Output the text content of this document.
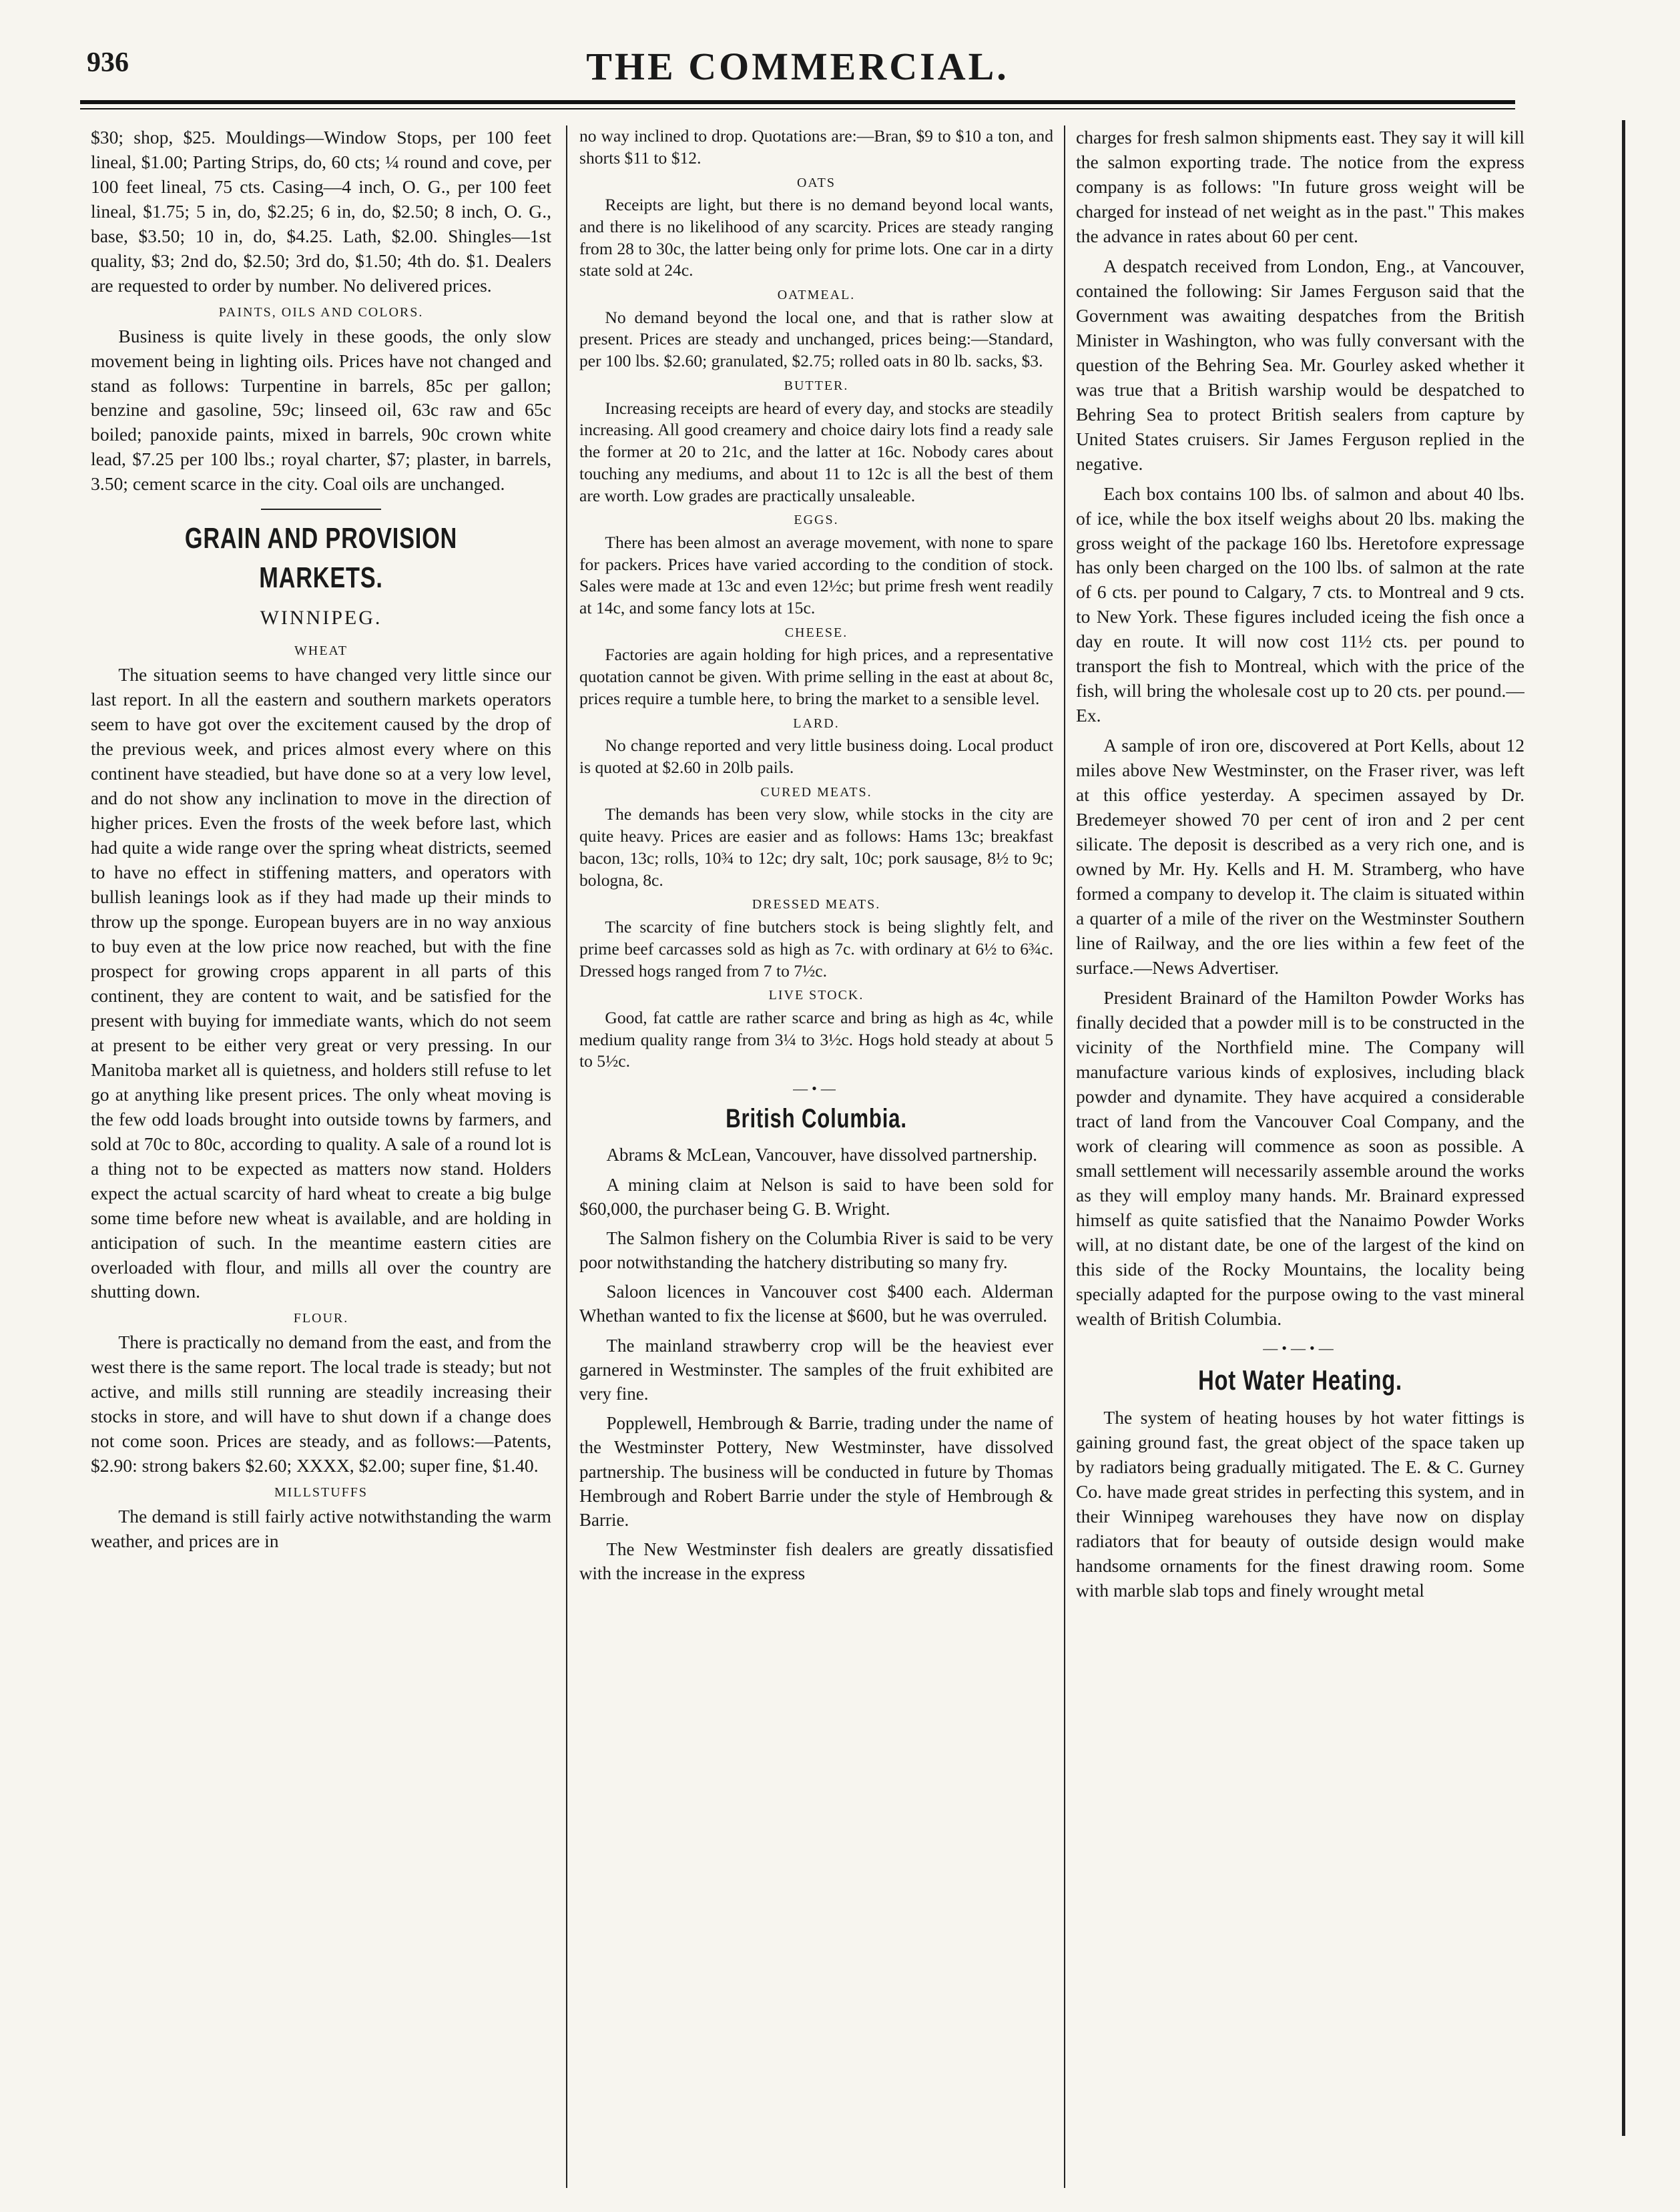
936	THE COMMERCIAL.

$30; shop, $25. Mouldings—Window Stops, per 100 feet lineal, $1.00; Parting Strips, do, 60 cts; ¼ round and cove, per 100 feet lineal, 75 cts. Casing—4 inch, O. G., per 100 feet lineal, $1.75; 5 in, do, $2.25; 6 in, do, $2.50; 8 inch, O. G., base, $3.50; 10 in, do, $4.25. Lath, $2.00. Shingles—1st quality, $3; 2nd do, $2.50; 3rd do, $1.50; 4th do. $1. Dealers are requested to order by number. No delivered prices.

PAINTS, OILS AND COLORS.

Business is quite lively in these goods, the only slow movement being in lighting oils. Prices have not changed and stand as follows: Turpentine in barrels, 85c per gallon; benzine and gasoline, 59c; linseed oil, 63c raw and 65c boiled; panoxide paints, mixed in barrels, 90c crown white lead, $7.25 per 100 lbs.; royal charter, $7; plaster, in barrels, 3.50; cement scarce in the city. Coal oils are unchanged.

GRAIN AND PROVISION MARKETS.
WINNIPEG.
WHEAT

The situation seems to have changed very little since our last report. In all the eastern and southern markets operators seem to have got over the excitement caused by the drop of the previous week, and prices almost every where on this continent have steadied, but have done so at a very low level, and do not show any inclination to move in the direction of higher prices. Even the frosts of the week before last, which had quite a wide range over the spring wheat districts, seemed to have no effect in stiffening matters, and operators with bullish leanings look as if they had made up their minds to throw up the sponge. European buyers are in no way anxious to buy even at the low price now reached, but with the fine prospect for growing crops apparent in all parts of this continent, they are content to wait, and be satisfied for the present with buying for immediate wants, which do not seem at present to be either very great or very pressing. In our Manitoba market all is quietness, and holders still refuse to let go at anything like present prices. The only wheat moving is the few odd loads brought into outside towns by farmers, and sold at 70c to 80c, according to quality. A sale of a round lot is a thing not to be expected as matters now stand. Holders expect the actual scarcity of hard wheat to create a big bulge some time before new wheat is available, and are holding in anticipation of such. In the meantime eastern cities are overloaded with flour, and mills all over the country are shutting down.

FLOUR.

There is practically no demand from the east, and from the west there is the same report. The local trade is steady; but not active, and mills still running are steadily increasing their stocks in store, and will have to shut down if a change does not come soon. Prices are steady, and as follows:—Patents, $2.90: strong bakers $2.60; XXXX, $2.00; super fine, $1.40.

MILLSTUFFS

The demand is still fairly active notwithstanding the warm weather, and prices are in

no way inclined to drop. Quotations are:—Bran, $9 to $10 a ton, and shorts $11 to $12.

OATS

Receipts are light, but there is no demand beyond local wants, and there is no likelihood of any scarcity. Prices are steady ranging from 28 to 30c, the latter being only for prime lots. One car in a dirty state sold at 24c.

OATMEAL.

No demand beyond the local one, and that is rather slow at present. Prices are steady and unchanged, prices being:—Standard, per 100 lbs. $2.60; granulated, $2.75; rolled oats in 80 lb. sacks, $3.

BUTTER.

Increasing receipts are heard of every day, and stocks are steadily increasing. All good creamery and choice dairy lots find a ready sale the former at 20 to 21c, and the latter at 16c. Nobody cares about touching any mediums, and about 11 to 12c is all the best of them are worth. Low grades are practically unsaleable.

EGGS.

There has been almost an average movement, with none to spare for packers. Prices have varied according to the condition of stock. Sales were made at 13c and even 12½c; but prime fresh went readily at 14c, and some fancy lots at 15c.

CHEESE.

Factories are again holding for high prices, and a representative quotation cannot be given. With prime selling in the east at about 8c, prices require a tumble here, to bring the market to a sensible level.

LARD.

No change reported and very little business doing. Local product is quoted at $2.60 in 20lb pails.

CURED MEATS.

The demands has been very slow, while stocks in the city are quite heavy. Prices are easier and as follows: Hams 13c; breakfast bacon, 13c; rolls, 10¾ to 12c; dry salt, 10c; pork sausage, 8½ to 9c; bologna, 8c.

DRESSED MEATS.

The scarcity of fine butchers stock is being slightly felt, and prime beef carcasses sold as high as 7c. with ordinary at 6½ to 6¾c. Dressed hogs ranged from 7 to 7½c.

LIVE STOCK.

Good, fat cattle are rather scarce and bring as high as 4c, while medium quality range from 3¼ to 3½c. Hogs hold steady at about 5 to 5½c.

—•—
British Columbia.

Abrams & McLean, Vancouver, have dissolved partnership.

A mining claim at Nelson is said to have been sold for $60,000, the purchaser being G. B. Wright.

The Salmon fishery on the Columbia River is said to be very poor notwithstanding the hatchery distributing so many fry.

Saloon licences in Vancouver cost $400 each. Alderman Whethan wanted to fix the license at $600, but he was overruled.

The mainland strawberry crop will be the heaviest ever garnered in Westminster. The samples of the fruit exhibited are very fine.

Popplewell, Hembrough & Barrie, trading under the name of the Westminster Pottery, New Westminster, have dissolved partnership. The business will be conducted in future by Thomas Hembrough and Robert Barrie under the style of Hembrough & Barrie.

The New Westminster fish dealers are greatly dissatisfied with the increase in the express

charges for fresh salmon shipments east. They say it will kill the salmon exporting trade. The notice from the express company is as follows: "In future gross weight will be charged for instead of net weight as in the past." This makes the advance in rates about 60 per cent.

A despatch received from London, Eng., at Vancouver, contained the following: Sir James Ferguson said that the Government was awaiting despatches from the British Minister in Washington, who was fully conversant with the question of the Behring Sea. Mr. Gourley asked whether it was true that a British warship would be despatched to Behring Sea to protect British sealers from capture by United States cruisers. Sir James Ferguson replied in the negative.

Each box contains 100 lbs. of salmon and about 40 lbs. of ice, while the box itself weighs about 20 lbs. making the gross weight of the package 160 lbs. Heretofore expressage has only been charged on the 100 lbs. of salmon at the rate of 6 cts. per pound to Calgary, 7 cts. to Montreal and 9 cts. to New York. These figures included iceing the fish once a day en route. It will now cost 11½ cts. per pound to transport the fish to Montreal, which with the price of the fish, will bring the wholesale cost up to 20 cts. per pound.—Ex.

A sample of iron ore, discovered at Port Kells, about 12 miles above New Westminster, on the Fraser river, was left at this office yesterday. A specimen assayed by Dr. Bredemeyer showed 70 per cent of iron and 2 per cent silicate. The deposit is described as a very rich one, and is owned by Mr. Hy. Kells and H. M. Stramberg, who have formed a company to develop it. The claim is situated within a quarter of a mile of the river on the Westminster Southern line of Railway, and the ore lies within a few feet of the surface.—News Advertiser.

President Brainard of the Hamilton Powder Works has finally decided that a powder mill is to be constructed in the vicinity of the Northfield mine. The Company will manufacture various kinds of explosives, including black powder and dynamite. They have acquired a considerable tract of land from the Vancouver Coal Company, and the work of clearing will commence as soon as possible. A small settlement will necessarily assemble around the works as they will employ many hands. Mr. Brainard expressed himself as quite satisfied that the Nanaimo Powder Works will, at no distant date, be one of the largest of the kind on this side of the Rocky Mountains, the locality being specially adapted for the purpose owing to the vast mineral wealth of British Columbia.

—•—•—
Hot Water Heating.

The system of heating houses by hot water fittings is gaining ground fast, the great object of the space taken up by radiators being gradually mitigated. The E. & C. Gurney Co. have made great strides in perfecting this system, and in their Winnipeg warehouses they have now on display radiators that for beauty of outside design would make handsome ornaments for the finest drawing room. Some with marble slab tops and finely wrought metal
